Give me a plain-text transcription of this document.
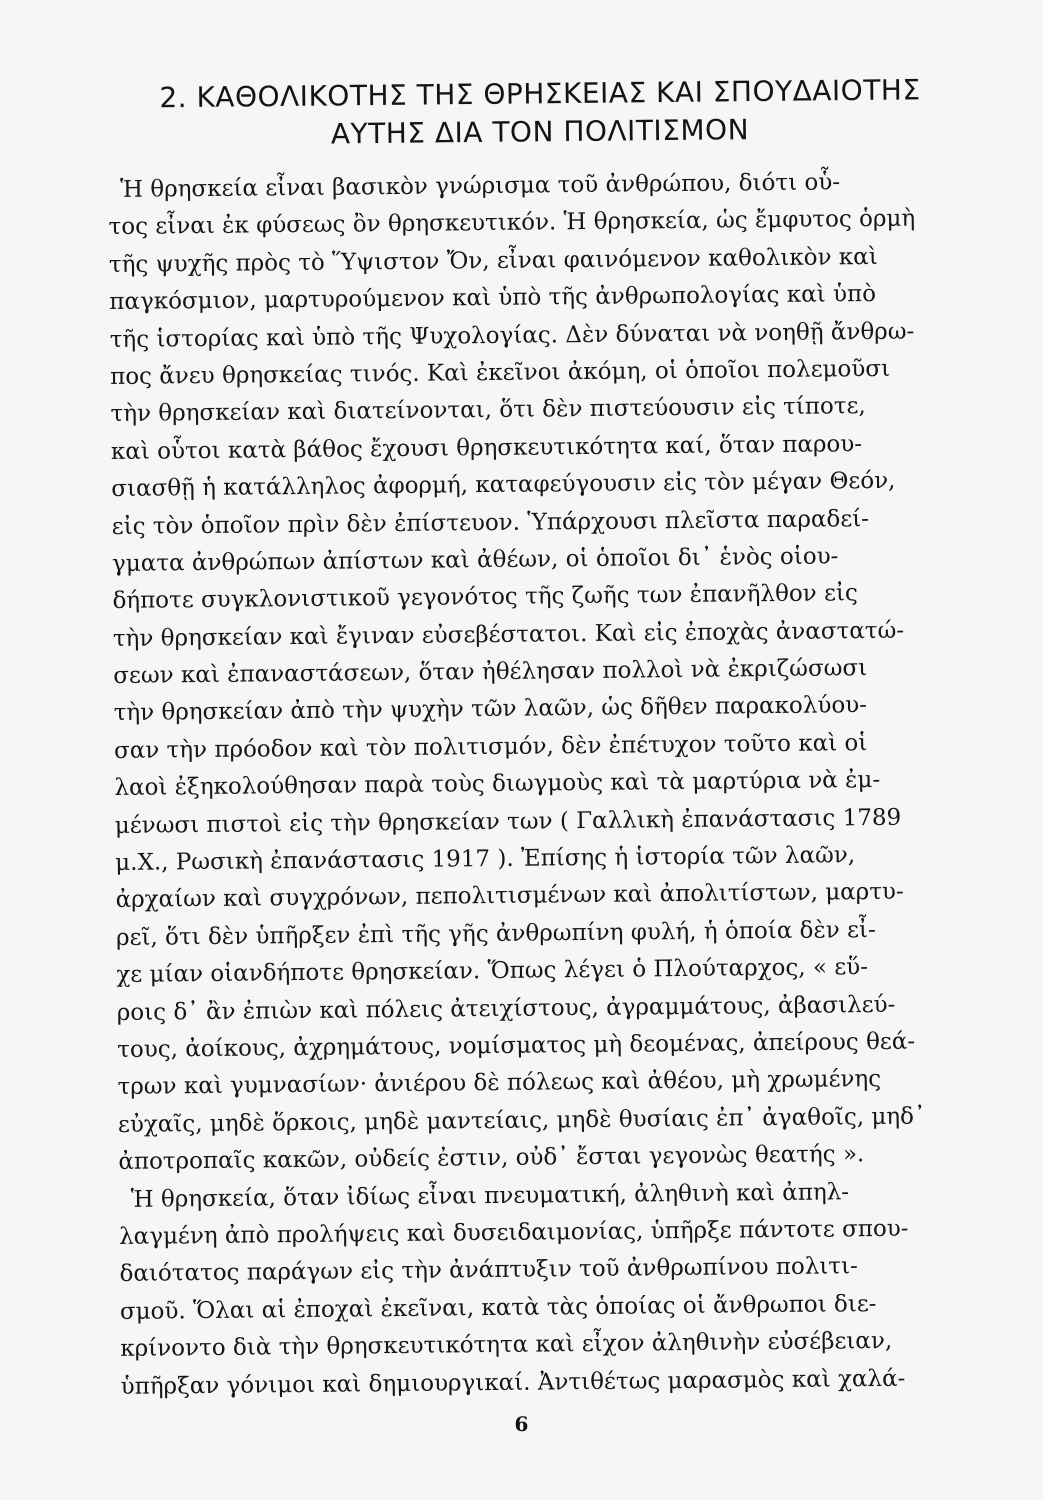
2. ΚΑΘΟΛΙΚΟΤΗΣ ΤΗΣ ΘΡΗΣΚΕΙΑΣ ΚΑΙ ΣΠΟΥΔΑΙΟΤΗΣ
ΑΥΤΗΣ ΔΙΑ ΤΟΝ ΠΟΛΙΤΙΣΜΟΝ
Ἡ θρησκεία εἶναι βασικὸν γνώρισμα τοῦ ἀνθρώπου, διότι οὗ-
τος εἶναι ἐκ φύσεως ὂν θρησκευτικόν. Ἡ θρησκεία, ὡς ἔμφυτος ὁρμὴ
τῆς ψυχῆς πρὸς τὸ Ὕψιστον Ὄν, εἶναι φαινόμενον καθολικὸν καὶ
παγκόσμιον, μαρτυρούμενον καὶ ὑπὸ τῆς ἀνθρωπολογίας καὶ ὑπὸ
τῆς ἱστορίας καὶ ὑπὸ τῆς Ψυχολογίας. Δὲν δύναται νὰ νοηθῇ ἄνθρω-
πος ἄνευ θρησκείας τινός. Καὶ ἐκεῖνοι ἀκόμη, οἱ ὁποῖοι πολεμοῦσι
τὴν θρησκείαν καὶ διατείνονται, ὅτι δὲν πιστεύουσιν εἰς τίποτε,
καὶ οὗτοι κατὰ βάθος ἔχουσι θρησκευτικότητα καί, ὅταν παρου-
σιασθῇ ἡ κατάλληλος ἀφορμή, καταφεύγουσιν εἰς τὸν μέγαν Θεόν,
εἰς τὸν ὁποῖον πρὶν δὲν ἐπίστευον. Ὑπάρχουσι πλεῖστα παραδεί-
γματα ἀνθρώπων ἀπίστων καὶ ἀθέων, οἱ ὁποῖοι δι᾿ ἑνὸς οἱου-
δήποτε συγκλονιστικοῦ γεγονότος τῆς ζωῆς των ἐπανῆλθον εἰς
τὴν θρησκείαν καὶ ἔγιναν εὐσεβέστατοι. Καὶ εἰς ἐποχὰς ἀναστατώ-
σεων καὶ ἐπαναστάσεων, ὅταν ἠθέλησαν πολλοὶ νὰ ἐκριζώσωσι
τὴν θρησκείαν ἀπὸ τὴν ψυχὴν τῶν λαῶν, ὡς δῆθεν παρακολύου-
σαν τὴν πρόοδον καὶ τὸν πολιτισμόν, δὲν ἐπέτυχον τοῦτο καὶ οἱ
λαοὶ ἐξηκολούθησαν παρὰ τοὺς διωγμοὺς καὶ τὰ μαρτύρια νὰ ἐμ-
μένωσι πιστοὶ εἰς τὴν θρησκείαν των ( Γαλλικὴ ἐπανάστασις 1789
μ.Χ., Ρωσικὴ ἐπανάστασις 1917 ). Ἐπίσης ἡ ἱστορία τῶν λαῶν,
ἀρχαίων καὶ συγχρόνων, πεπολιτισμένων καὶ ἀπολιτίστων, μαρτυ-
ρεῖ, ὅτι δὲν ὑπῆρξεν ἐπὶ τῆς γῆς ἀνθρωπίνη φυλή, ἡ ὁποία δὲν εἶ-
χε μίαν οἱανδήποτε θρησκείαν. Ὅπως λέγει ὁ Πλούταρχος, « εὕ-
ροις δ᾿ ἂν ἐπιὼν καὶ πόλεις ἀτειχίστους, ἀγραμμάτους, ἀβασιλεύ-
τους, ἀοίκους, ἀχρημάτους, νομίσματος μὴ δεομένας, ἀπείρους θεά-
τρων καὶ γυμνασίων· ἀνιέρου δὲ πόλεως καὶ ἀθέου, μὴ χρωμένης
εὐχαῖς, μηδὲ ὅρκοις, μηδὲ μαντείαις, μηδὲ θυσίαις ἐπ᾿ ἀγαθοῖς, μηδ᾿
ἀποτροπαῖς κακῶν, οὐδείς ἐστιν, οὐδ᾿ ἔσται γεγονὼς θεατής ».
Ἡ θρησκεία, ὅταν ἰδίως εἶναι πνευματική, ἀληθινὴ καὶ ἀπηλ-
λαγμένη ἀπὸ προλήψεις καὶ δυσειδαιμονίας, ὑπῆρξε πάντοτε σπου-
δαιότατος παράγων εἰς τὴν ἀνάπτυξιν τοῦ ἀνθρωπίνου πολιτι-
σμοῦ. Ὅλαι αἱ ἐποχαὶ ἐκεῖναι, κατὰ τὰς ὁποίας οἱ ἄνθρωποι διε-
κρίνοντο διὰ τὴν θρησκευτικότητα καὶ εἶχον ἀληθινὴν εὐσέβειαν,
ὑπῆρξαν γόνιμοι καὶ δημιουργικαί. Ἀντιθέτως μαρασμὸς καὶ χαλά-
6
